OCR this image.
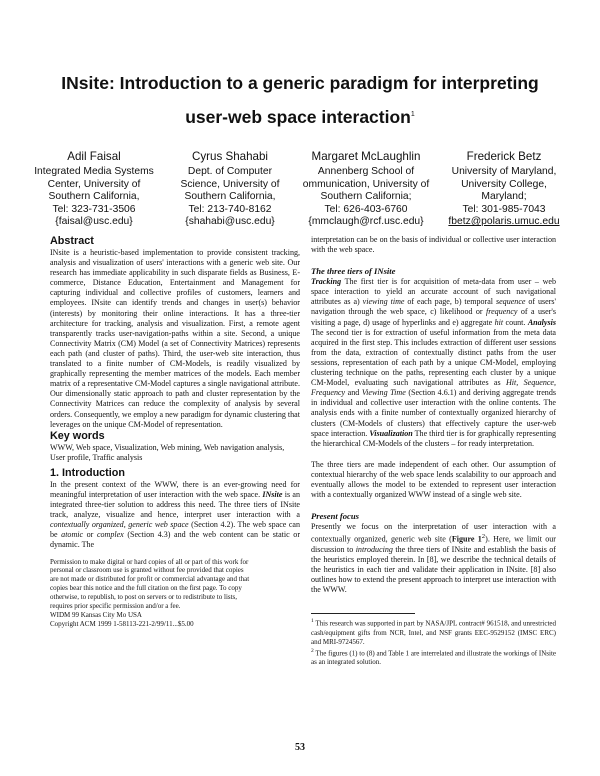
INsite: Introduction to a generic paradigm for interpreting
user-web space interaction$^1$
Adil Faisal
Integrated Media Systems
Center, University of
Southern California,
Tel: 323-731-3506
{ faisal@usc.edu }
Cyrus Shahabi
Dept. of Computer
Science, University of
Southern California,
Tel: 213-740-8162
{ shahabi@usc.edu }
Margaret McLaughlin
Annenberg School of
ommunication, University of
Southern California;
Tel: 626-403-6760
{ mmclaugh@rcf.usc.edu }
Frederick Betz
University of Maryland,
University College,
Maryland;
Tel: 301-985-7043
fbetz@polaris.umuc.edu
Abstract

INsite is a heuristic-based implementation to provide consistent tracking, analysis and visualization of users' interactions with a generic web site. Our research has immediate applicability in such disparate fields as Business, E-commerce, Distance Education, Entertainment and Management for capturing individual and collective profiles of customers, learners and employees. INsite can identify trends and changes in user(s) behavior (interests) by monitoring their online interactions. It has a three-tier architecture for tracking, analysis and visualization. First, a remote agent transparently tracks user-navigation-paths within a site. Second, a unique Connectivity Matrix (CM) Model (a set of Connectivity Matrices) represents each path (and cluster of paths). Third, the user-web site interaction, thus translated to a finite number of CM-Models, is readily visualized by graphically representing the member matrices of the models. Each member matrix of a representative CM-Model captures a single navigational attribute. Our dimensionally static approach to path and cluster representation by the Connectivity Matrices can reduce the complexity of analysis by several orders. Consequently, we employ a new paradigm for dynamic clustering that leverages on the unique CM-Model of representation.

Key words

WWW, Web space, Visualization, Web mining, Web navigation analysis, User profile, Traffic analysis

1. Introduction

In the present context of the WWW, there is an ever-growing need for meaningful interpretation of user interaction with the web space. INsite is an integrated three-tier solution to address this need. The three tiers of INsite track, analyze, visualize and hence, interpret user interaction with a contextually organized, generic web space (Section 4.2). The web space can be atomic or complex (Section 4.3) and the web content can be static or dynamic. The

Permission to make digital or hard copies of all or part of this work for
personal or classroom use is granted without fee provided that copies
are not made or distributed for profit or commercial advantage and that
copies bear this notice and the full citation on the first page. To copy
otherwise, to republish, to post on servers or to redistribute to lists,
requires prior specific permission and/or a fee.
WIDM 99 Kansas City Mo USA
Copyright ACM 1999 1-58113-221-2/99/11...$5.00

interpretation can be on the basis of individual or collective user interaction with the web space.

The three tiers of INsite

Tracking The first tier is for acquisition of meta-data from user – web space interaction to yield an accurate account of such navigational attributes as a) viewing time of each page, b) temporal sequence of users' navigation through the web space, c) likelihood or frequency of a user's visiting a page, d) usage of hyperlinks and e) aggregate hit count. Analysis The second tier is for extraction of useful information from the meta data acquired in the first step. This includes extraction of different user sessions from the data, extraction of contextually distinct paths from the user sessions, representation of each path by a unique CM-Model, employing clustering technique on the paths, representing each cluster by a unique CM-Model, evaluating such navigational attributes as Hit, Sequence, Frequency and Viewing Time (Section 4.6.1) and deriving aggregate trends in individual and collective user interaction with the online contents. The analysis ends with a finite number of contextually organized hierarchy of clusters (CM-Models of clusters) that effectively capture the user-web space interaction. Visualization The third tier is for graphically representing the hierarchical CM-Models of the clusters – for ready interpretation.

The three tiers are made independent of each other. Our assumption of contextual hierarchy of the web space lends scalability to our approach and eventually allows the model to be extended to represent user interaction with a contextually organized WWW instead of a single web site.

Present focus

Presently we focus on the interpretation of user interaction with a contextually organized, generic web site (Figure $1^2$). Here, we limit our discussion to introducing the three tiers of INsite and establish the basis of the heuristics employed therein. In [8], we describe the technical details of the heuristics in each tier and validate their application in INsite. [8] also outlines how to extend the present approach to interpret use interaction with the WWW.

$^1$ This research was supported in part by NASA/JPL contract# 961518, and unrestricted cash/equipment gifts from NCR, Intel, and NSF grants EEC-9529152 (IMSC ERC) and MRI-9724567.

$^2$ The figures (1) to (8) and Table 1 are interrelated and illustrate the workings of INsite as an integrated solution.

53
